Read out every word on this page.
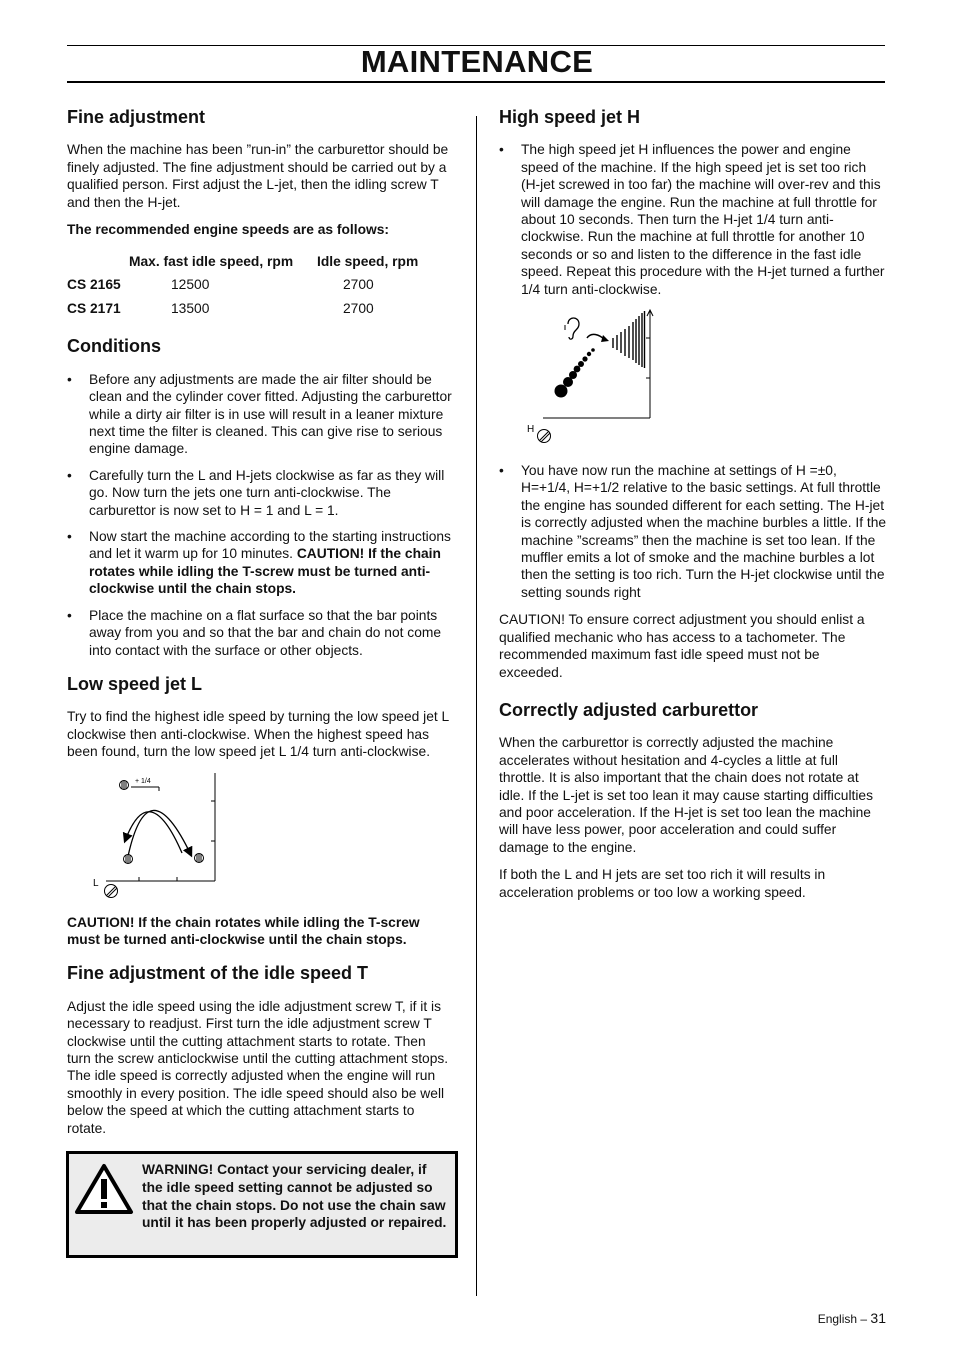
MAINTENANCE
Fine adjustment

When the machine has been ”run-in” the carburettor should be finely adjusted. The fine adjustment should be carried out by a qualified person. First adjust the L-jet, then the idling screw T and then the H-jet.

The recommended engine speeds are as follows:

	Max. fast idle speed, rpm	Idle speed, rpm
CS 2165	12500	2700
CS 2171	13500	2700
Conditions
• Before any adjustments are made the air filter should be clean and the cylinder cover fitted. Adjusting the carburettor while a dirty air filter is in use will result in a leaner mixture next time the filter is cleaned. This can give rise to serious engine damage.
• Carefully turn the L and H-jets clockwise as far as they will go. Now turn the jets one turn anti-clockwise. The carburettor is now set to H = 1 and L = 1.
• Now start the machine according to the starting instructions and let it warm up for 10 minutes. CAUTION! If the chain rotates while idling the T-screw must be turned anti-clockwise until the chain stops.
• Place the machine on a flat surface so that the bar points away from you and so that the bar and chain do not come into contact with the surface or other objects.
Low speed jet L

Try to find the highest idle speed by turning the low speed jet L clockwise then anti-clockwise. When the highest speed has been found, turn the low speed jet L 1/4 turn anti-clockwise.

+ 1/4
L

CAUTION! If the chain rotates while idling the T-screw must be turned anti-clockwise until the chain stops.

Fine adjustment of the idle speed T

Adjust the idle speed using the idle adjustment screw T, if it is necessary to readjust. First turn the idle adjustment screw T clockwise until the cutting attachment starts to rotate. Then turn the screw anticlockwise until the cutting attachment stops. The idle speed is correctly adjusted when the engine will run smoothly in every position. The idle speed should also be well below the speed at which the cutting attachment starts to rotate.

WARNING! Contact your servicing dealer, if the idle speed setting cannot be adjusted so that the chain stops. Do not use the chain saw until it has been properly adjusted or repaired.
High speed jet H
• The high speed jet H influences the power and engine speed of the machine. If the high speed jet is set too rich (H-jet screwed in too far) the machine will over-rev and this will damage the engine. Run the machine at full throttle for about 10 seconds. Then turn the H-jet 1/4 turn anti-clockwise. Run the machine at full throttle for another 10 seconds or so and listen to the difference in the fast idle speed. Repeat this procedure with the H-jet turned a further 1/4 turn anti-clockwise.
H
• You have now run the machine at settings of H =±0, H=+1/4, H=+1/2 relative to the basic settings. At full throttle the engine has sounded different for each setting. The H-jet is correctly adjusted when the machine burbles a little. If the machine ”screams” then the machine is set too lean. If the muffler emits a lot of smoke and the machine burbles a lot then the setting is too rich. Turn the H-jet clockwise until the setting sounds right

CAUTION! To ensure correct adjustment you should enlist a qualified mechanic who has access to a tachometer. The recommended maximum fast idle speed must not be exceeded.

Correctly adjusted carburettor

When the carburettor is correctly adjusted the machine accelerates without hesitation and 4-cycles a little at full throttle. It is also important that the chain does not rotate at idle. If the L-jet is set too lean it may cause starting difficulties and poor acceleration. If the H-jet is set too lean the machine will have less power, poor acceleration and could suffer damage to the engine.

If both the L and H jets are set too rich it will results in acceleration problems or too low a working speed.

English – 31
